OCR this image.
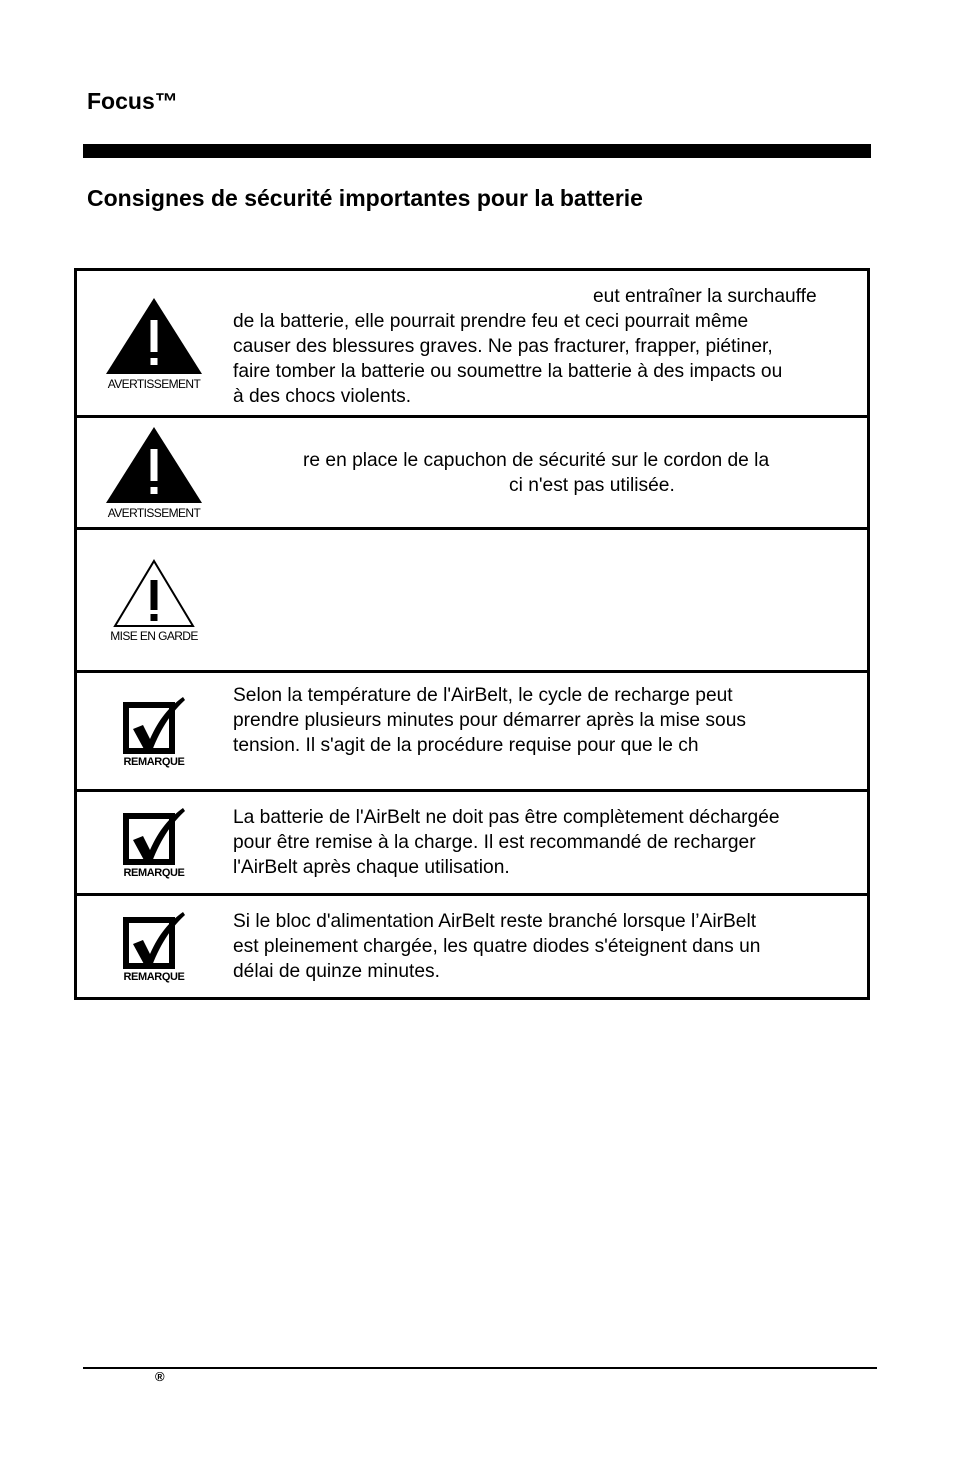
Focus™
Consignes de sécurité importantes pour la batterie
AVERTISSEMENT

eut entraîner la surchauffe

de la batterie, elle pourrait prendre feu et ceci pourrait même

causer des blessures graves. Ne pas fracturer, frapper, piétiner,

faire tomber la batterie ou soumettre la batterie à des impacts ou

à des chocs violents.

AVERTISSEMENT

re en place le capuchon de sécurité sur le cordon de la

ci n'est pas utilisée.

MISE EN GARDE
REMARQUE

Selon la température de l'AirBelt, le cycle de recharge peut

prendre plusieurs minutes pour démarrer après la mise sous

tension. Il s'agit de la procédure requise pour que le ch

REMARQUE

La batterie de l'AirBelt ne doit pas être complètement déchargée

pour être remise à la charge. Il est recommandé de recharger

l'AirBelt après chaque utilisation.

REMARQUE

Si le bloc d'alimentation AirBelt reste branché lorsque l’AirBelt

est pleinement chargée, les quatre diodes s'éteignent dans un

délai de quinze minutes.

®
